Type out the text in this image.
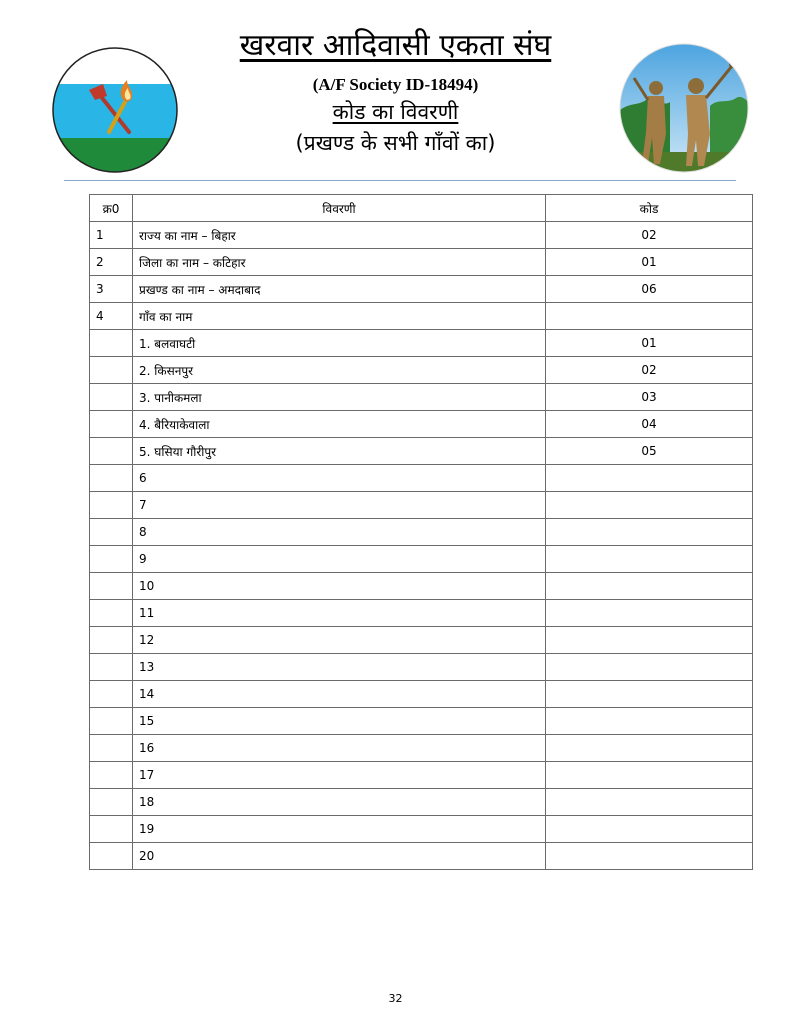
खरवार आदिवासी एकता संघ
(A/F Society ID-18494)
कोड का विवरणी
(प्रखण्ड के सभी गाँवों का)
क्र0	विवरणी	कोड
1	राज्य का नाम – बिहार	02
2	जिला का नाम – कटिहार	01
3	प्रखण्ड का नाम – अमदाबाद	06
4	गाँव का नाम	
	1. बलवाघटी	01
	2. किसनपुर	02
	3. पानीकमला	03
	4. बैरियाकेवाला	04
	5. घसिया गौरीपुर	05
	6	
	7	
	8	
	9	
	10	
	11	
	12	
	13	
	14	
	15	
	16	
	17	
	18	
	19	
	20	
32
